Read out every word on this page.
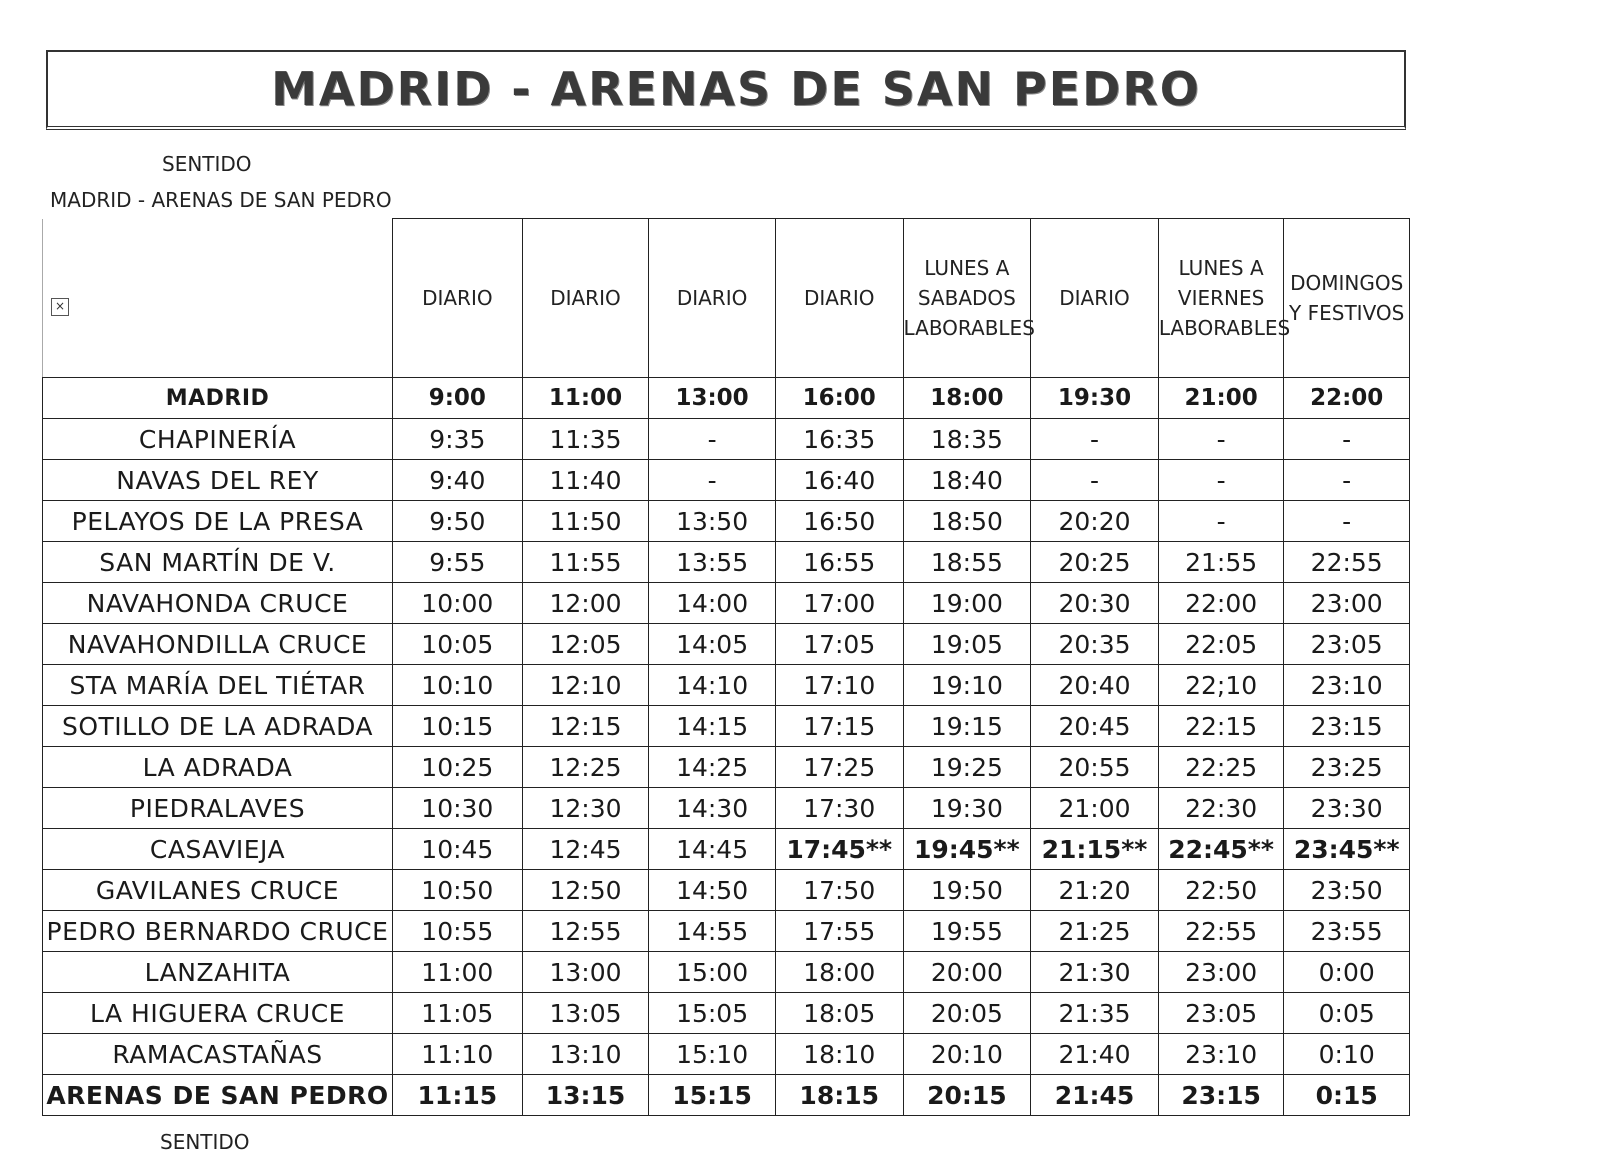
MADRID - ARENAS DE SAN PEDRO
SENTIDO
MADRID - ARENAS DE SAN PEDRO
×	DIARIO	DIARIO	DIARIO	DIARIO	LUNES A SABADOS LABORABLES	DIARIO	LUNES A VIERNES LABORABLES	DOMINGOS Y FESTIVOS
MADRID	9:00	11:00	13:00	16:00	18:00	19:30	21:00	22:00
CHAPINERÍA	9:35	11:35	-	16:35	18:35	-	-	-
NAVAS DEL REY	9:40	11:40	-	16:40	18:40	-	-	-
PELAYOS DE LA PRESA	9:50	11:50	13:50	16:50	18:50	20:20	-	-
SAN MARTÍN DE V.	9:55	11:55	13:55	16:55	18:55	20:25	21:55	22:55
NAVAHONDA CRUCE	10:00	12:00	14:00	17:00	19:00	20:30	22:00	23:00
NAVAHONDILLA CRUCE	10:05	12:05	14:05	17:05	19:05	20:35	22:05	23:05
STA MARÍA DEL TIÉTAR	10:10	12:10	14:10	17:10	19:10	20:40	22;10	23:10
SOTILLO DE LA ADRADA	10:15	12:15	14:15	17:15	19:15	20:45	22:15	23:15
LA ADRADA	10:25	12:25	14:25	17:25	19:25	20:55	22:25	23:25
PIEDRALAVES	10:30	12:30	14:30	17:30	19:30	21:00	22:30	23:30
CASAVIEJA	10:45	12:45	14:45	17:45**	19:45**	21:15**	22:45**	23:45**
GAVILANES CRUCE	10:50	12:50	14:50	17:50	19:50	21:20	22:50	23:50
PEDRO BERNARDO CRUCE	10:55	12:55	14:55	17:55	19:55	21:25	22:55	23:55
LANZAHITA	11:00	13:00	15:00	18:00	20:00	21:30	23:00	0:00
LA HIGUERA CRUCE	11:05	13:05	15:05	18:05	20:05	21:35	23:05	0:05
RAMACASTAÑAS	11:10	13:10	15:10	18:10	20:10	21:40	23:10	0:10
ARENAS DE SAN PEDRO	11:15	13:15	15:15	18:15	20:15	21:45	23:15	0:15
SENTIDO
